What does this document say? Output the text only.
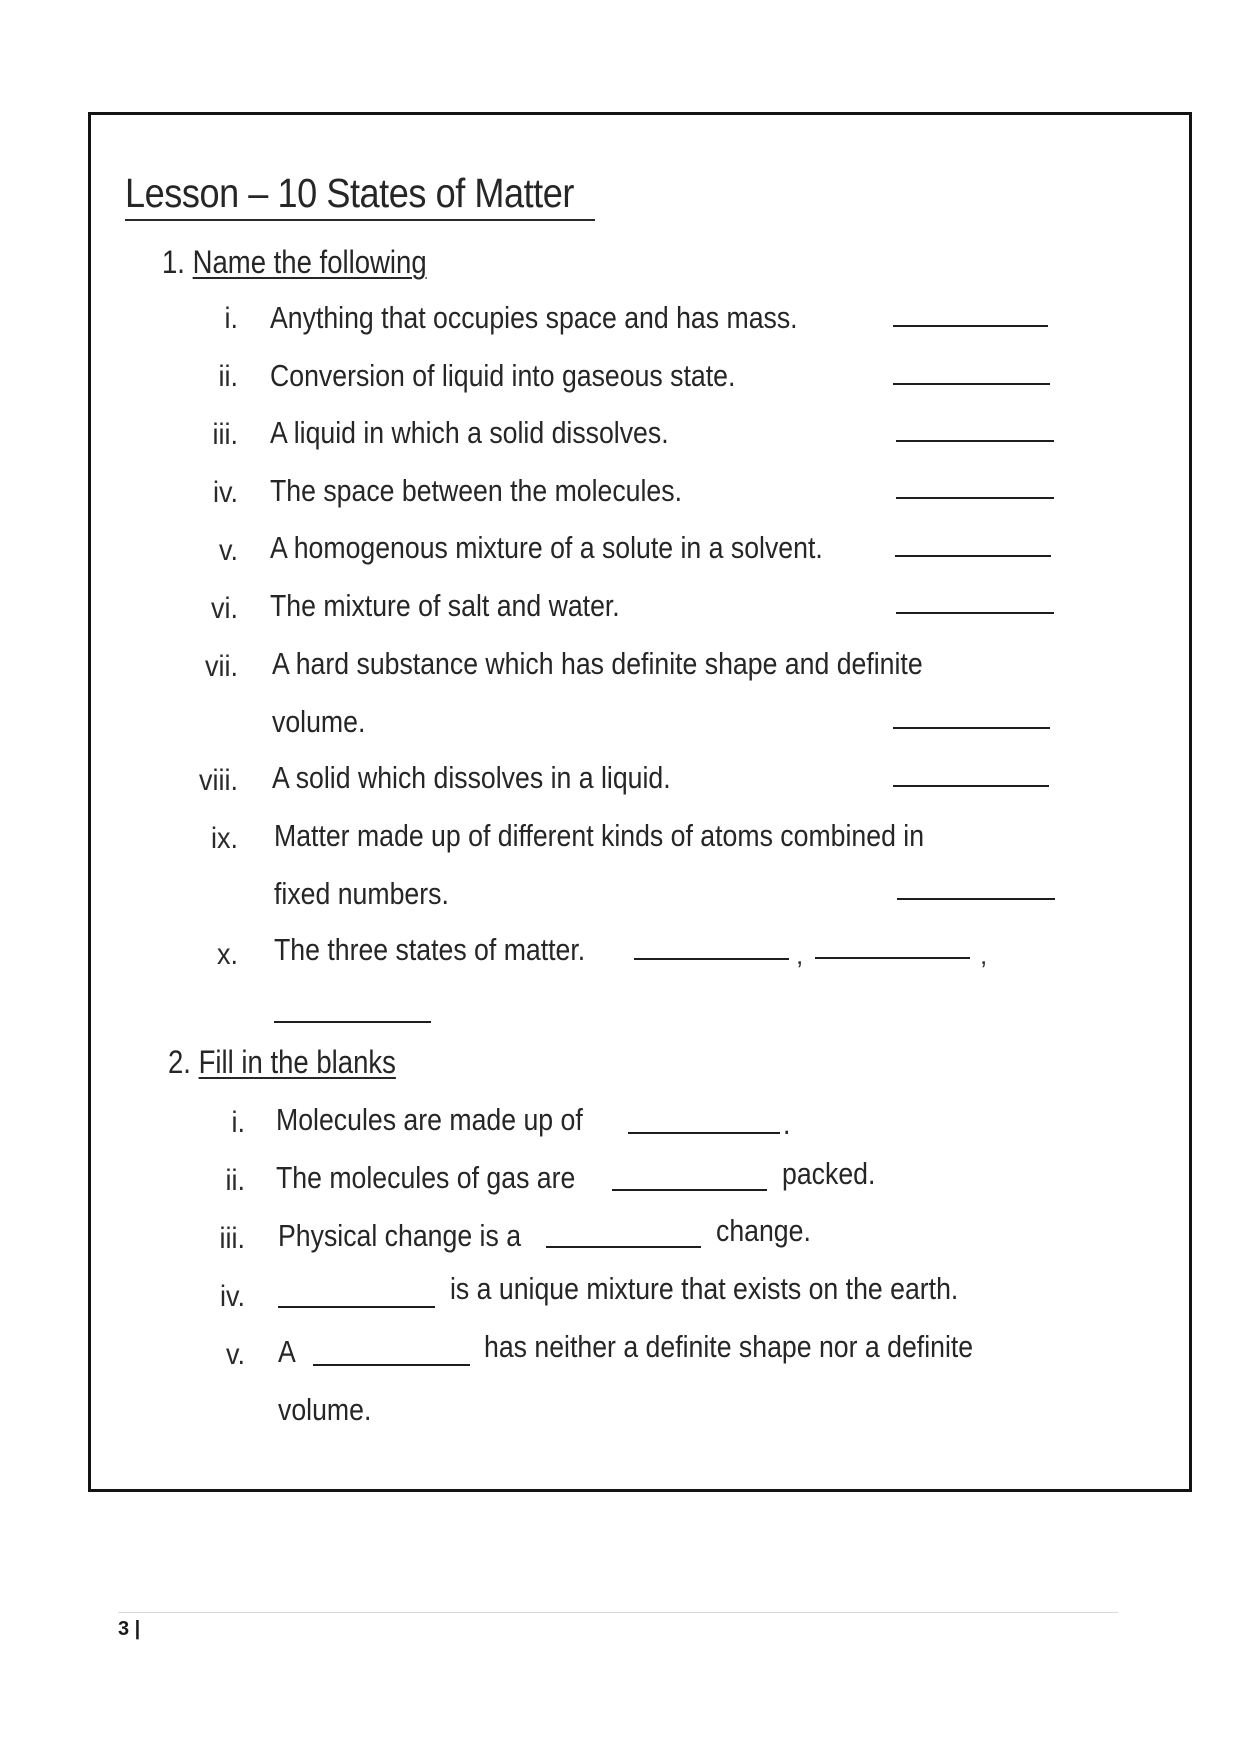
Lesson – 10 States of Matter
1. Name the following
i. Anything that occupies space and has mass.
ii. Conversion of liquid into gaseous state.
iii. A liquid in which a solid dissolves.
iv. The space between the molecules.
v. A homogenous mixture of a solute in a solvent.
vi. The mixture of salt and water.
vii. A hard substance which has definite shape and definite
volume.
viii. A solid which dissolves in a liquid.
ix. Matter made up of different kinds of atoms combined in
fixed numbers.
x. The three states of matter.	,	,
2. Fill in the blanks
i. Molecules are made up of	.
ii. The molecules of gas are	packed.
iii. Physical change is a	change.
iv.	is a unique mixture that exists on the earth.
v. A	has neither a definite shape nor a definite
volume.
3 |
